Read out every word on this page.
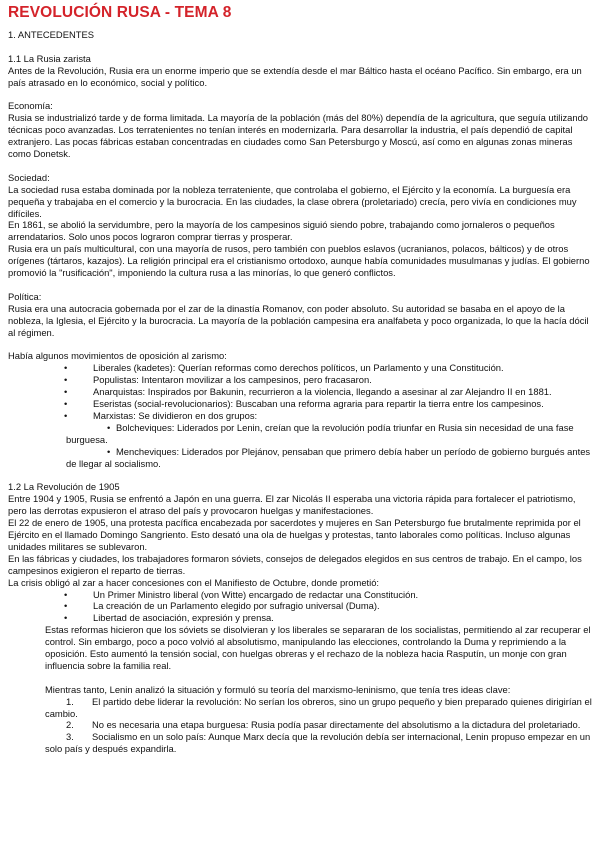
REVOLUCIÓN RUSA - TEMA 8

1. ANTECEDENTES

1.1 La Rusia zarista

Antes de la Revolución, Rusia era un enorme imperio que se extendía desde el mar Báltico hasta el océano Pacífico. Sin embargo, era un país atrasado en lo económico, social y político.

Economía:

Rusia se industrializó tarde y de forma limitada. La mayoría de la población (más del 80%) dependía de la agricultura, que seguía utilizando técnicas poco avanzadas. Los terratenientes no tenían interés en modernizarla. Para desarrollar la industria, el país dependió de capital extranjero. Las pocas fábricas estaban concentradas en ciudades como San Petersburgo y Moscú, así como en algunas zonas mineras como Donetsk.

Sociedad:

La sociedad rusa estaba dominada por la nobleza terrateniente, que controlaba el gobierno, el Ejército y la economía. La burguesía era pequeña y trabajaba en el comercio y la burocracia. En las ciudades, la clase obrera (proletariado) crecía, pero vivía en condiciones muy difíciles.

En 1861, se abolió la servidumbre, pero la mayoría de los campesinos siguió siendo pobre, trabajando como jornaleros o pequeños arrendatarios. Solo unos pocos lograron comprar tierras y prosperar.

Rusia era un país multicultural, con una mayoría de rusos, pero también con pueblos eslavos (ucranianos, polacos, bálticos) y de otros orígenes (tártaros, kazajos). La religión principal era el cristianismo ortodoxo, aunque había comunidades musulmanas y judías. El gobierno promovió la "rusificación", imponiendo la cultura rusa a las minorías, lo que generó conflictos.

Política:

Rusia era una autocracia gobernada por el zar de la dinastía Romanov, con poder absoluto. Su autoridad se basaba en el apoyo de la nobleza, la Iglesia, el Ejército y la burocracia. La mayoría de la población campesina era analfabeta y poco organizada, lo que la hacía dócil al régimen.

Había algunos movimientos de oposición al zarismo:

• Liberales (kadetes): Querían reformas como derechos políticos, un Parlamento y una Constitución.
• Populistas: Intentaron movilizar a los campesinos, pero fracasaron.
• Anarquistas: Inspirados por Bakunin, recurrieron a la violencia, llegando a asesinar al zar Alejandro II en 1881.
• Eseristas (social-revolucionarios): Buscaban una reforma agraria para repartir la tierra entre los campesinos.
• Marxistas: Se dividieron en dos grupos:
• Bolcheviques: Liderados por Lenin, creían que la revolución podía triunfar en Rusia sin necesidad de una fase burguesa.
• Mencheviques: Liderados por Plejánov, pensaban que primero debía haber un período de gobierno burgués antes de llegar al socialismo.

1.2 La Revolución de 1905

Entre 1904 y 1905, Rusia se enfrentó a Japón en una guerra. El zar Nicolás II esperaba una victoria rápida para fortalecer el patriotismo, pero las derrotas expusieron el atraso del país y provocaron huelgas y manifestaciones.

El 22 de enero de 1905, una protesta pacífica encabezada por sacerdotes y mujeres en San Petersburgo fue brutalmente reprimida por el Ejército en el llamado Domingo Sangriento. Esto desató una ola de huelgas y protestas, tanto laborales como políticas. Incluso algunas unidades militares se sublevaron.

En las fábricas y ciudades, los trabajadores formaron sóviets, consejos de delegados elegidos en sus centros de trabajo. En el campo, los campesinos exigieron el reparto de tierras.

La crisis obligó al zar a hacer concesiones con el Manifiesto de Octubre, donde prometió:

• Un Primer Ministro liberal (von Witte) encargado de redactar una Constitución.
• La creación de un Parlamento elegido por sufragio universal (Duma).
• Libertad de asociación, expresión y prensa.

Estas reformas hicieron que los sóviets se disolvieran y los liberales se separaran de los socialistas, permitiendo al zar recuperar el control. Sin embargo, poco a poco volvió al absolutismo, manipulando las elecciones, controlando la Duma y reprimiendo a la oposición. Esto aumentó la tensión social, con huelgas obreras y el rechazo de la nobleza hacia Rasputín, un monje con gran influencia sobre la familia real.

Mientras tanto, Lenin analizó la situación y formuló su teoría del marxismo-leninismo, que tenía tres ideas clave:

1. El partido debe liderar la revolución: No serían los obreros, sino un grupo pequeño y bien preparado quienes dirigirían el cambio.
2. No es necesaria una etapa burguesa: Rusia podía pasar directamente del absolutismo a la dictadura del proletariado.
3. Socialismo en un solo país: Aunque Marx decía que la revolución debía ser internacional, Lenin propuso empezar en un solo país y después expandirla.
